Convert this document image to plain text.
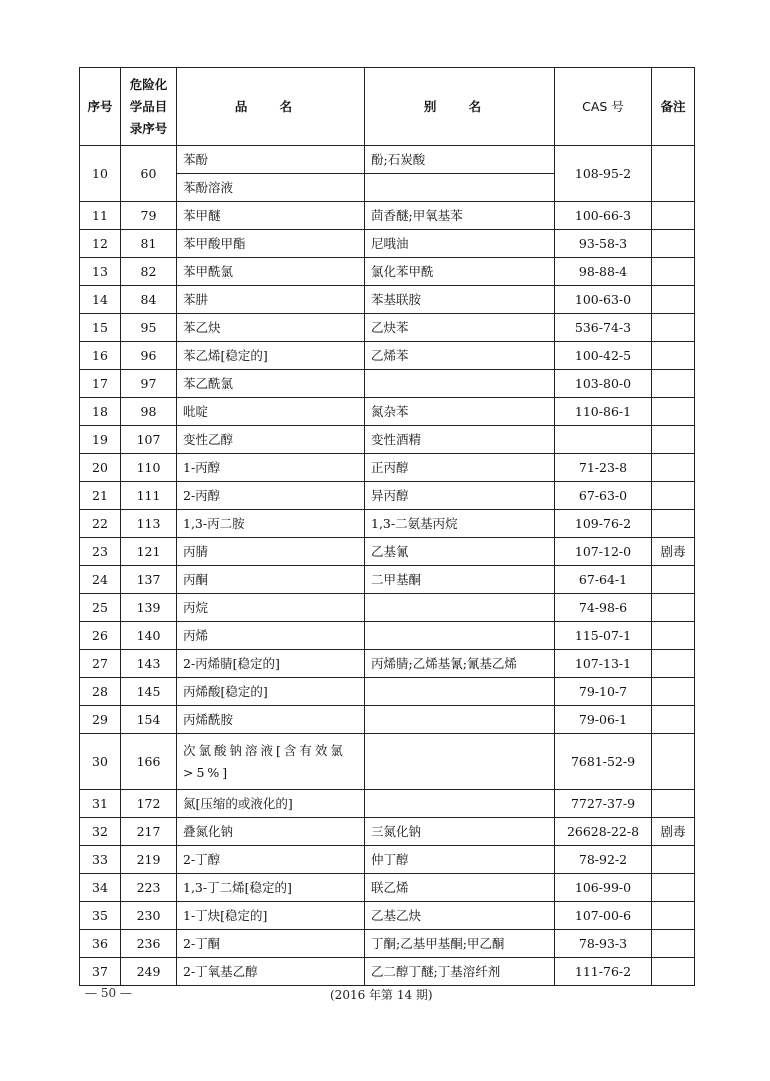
序号	危险化学品目录序号	品 名	别 名	CAS 号	备注
10	60	苯酚	酚;石炭酸	108-95-2	
		苯酚溶液			
11	79	苯甲醚	茴香醚;甲氧基苯	100-66-3	
12	81	苯甲酸甲酯	尼哦油	93-58-3	
13	82	苯甲酰氯	氯化苯甲酰	98-88-4	
14	84	苯肼	苯基联胺	100-63-0	
15	95	苯乙炔	乙炔苯	536-74-3	
16	96	苯乙烯[稳定的]	乙烯苯	100-42-5	
17	97	苯乙酰氯		103-80-0	
18	98	吡啶	氮杂苯	110-86-1	
19	107	变性乙醇	变性酒精		
20	110	1-丙醇	正丙醇	71-23-8	
21	111	2-丙醇	异丙醇	67-63-0	
22	113	1,3-丙二胺	1,3-二氨基丙烷	109-76-2	
23	121	丙腈	乙基氰	107-12-0	剧毒
24	137	丙酮	二甲基酮	67-64-1	
25	139	丙烷		74-98-6	
26	140	丙烯		115-07-1	
27	143	2-丙烯腈[稳定的]	丙烯腈;乙烯基氰;氰基乙烯	107-13-1	
28	145	丙烯酸[稳定的]		79-10-7	
29	154	丙烯酰胺		79-06-1	
30	166	次氯酸钠溶液[含有效氯>5%]		7681-52-9	
31	172	氮[压缩的或液化的]		7727-37-9	
32	217	叠氮化钠	三氮化钠	26628-22-8	剧毒
33	219	2-丁醇	仲丁醇	78-92-2	
34	223	1,3-丁二烯[稳定的]	联乙烯	106-99-0	
35	230	1-丁炔[稳定的]	乙基乙炔	107-00-6	
36	236	2-丁酮	丁酮;乙基甲基酮;甲乙酮	78-93-3	
37	249	2-丁氧基乙醇	乙二醇丁醚;丁基溶纤剂	111-76-2	
— 50 —	(2016 年第 14 期)
